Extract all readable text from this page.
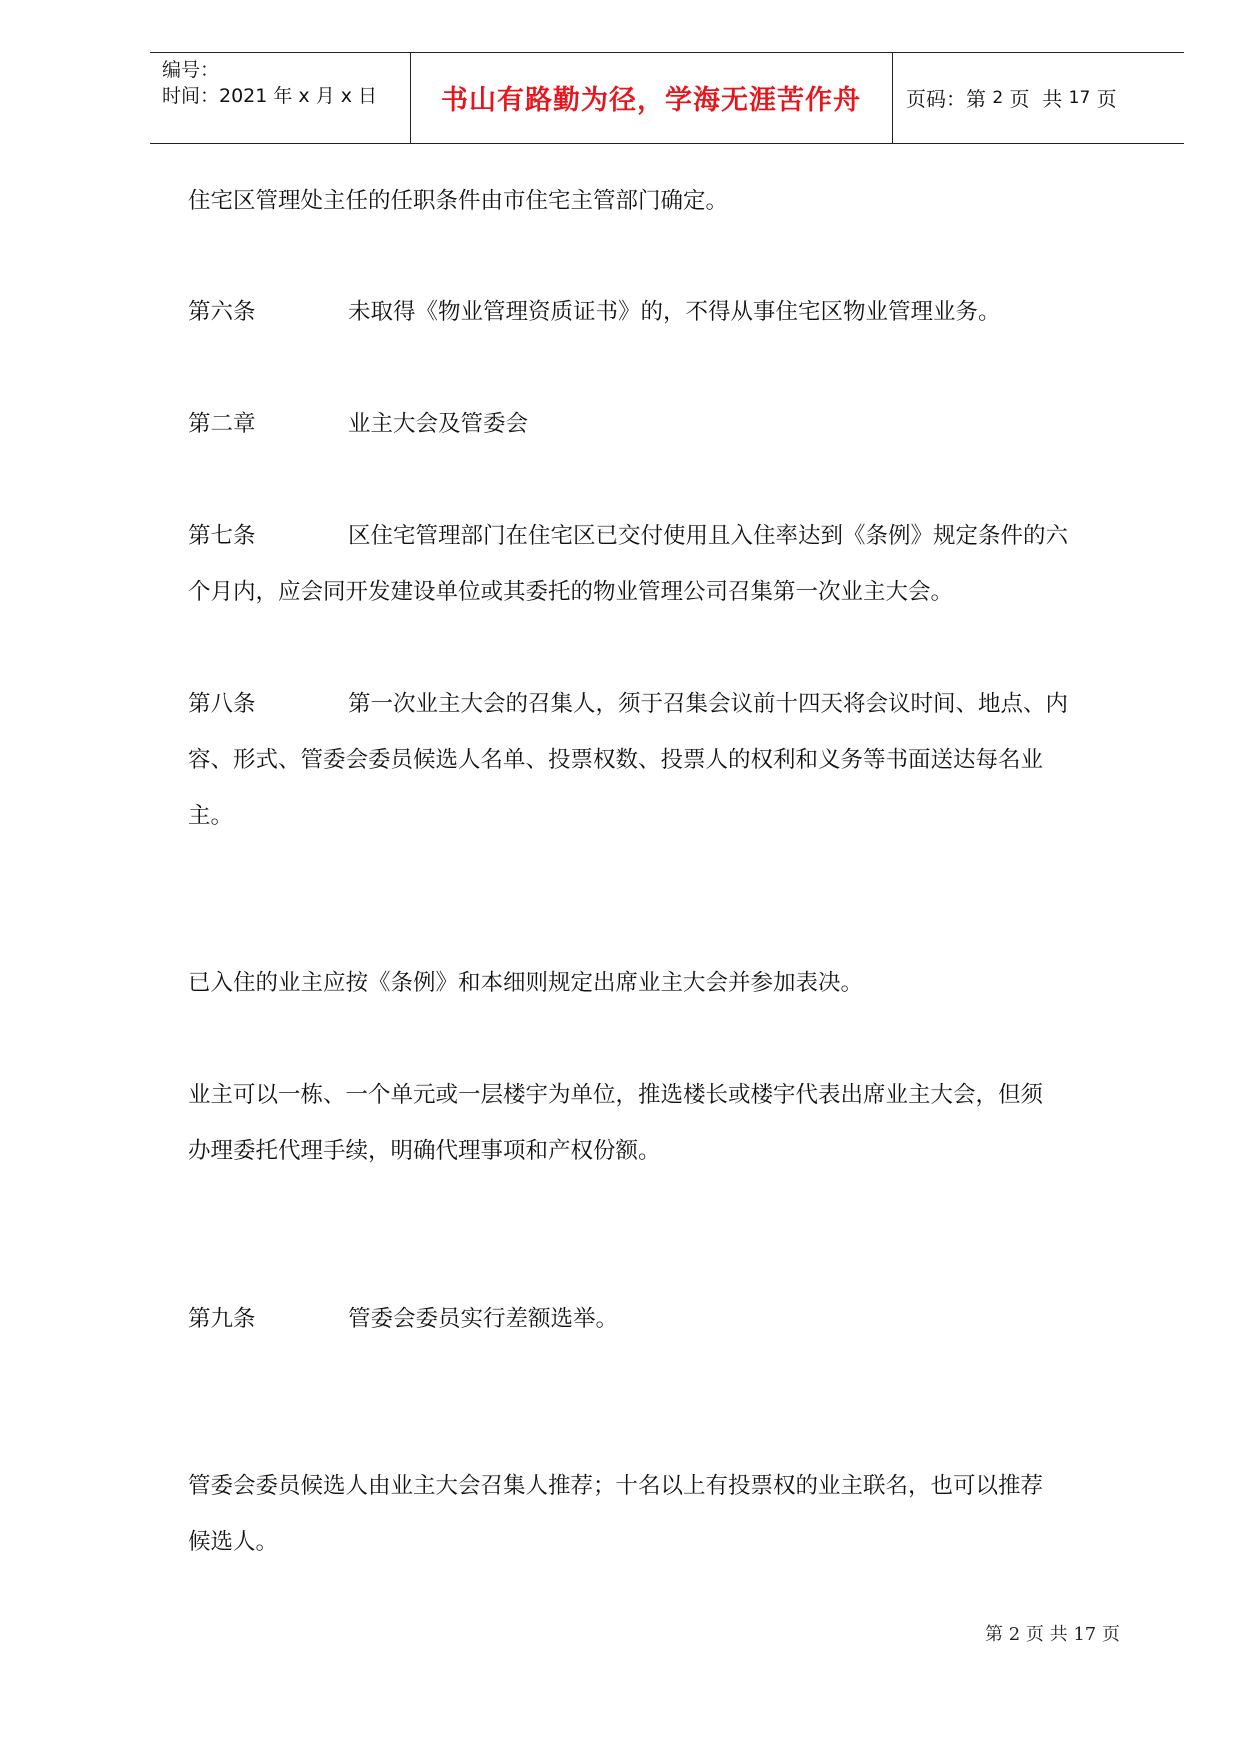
编号：
时间：2021 年 x 月 x 日	书山有路勤为径，学海无涯苦作舟	页码：第 2 页  共 17 页
住宅区管理处主任的任职条件由市住宅主管部门确定。
第六条	未取得《物业管理资质证书》的，不得从事住宅区物业管理业务。
第二章	业主大会及管委会
第七条	区住宅管理部门在住宅区已交付使用且入住率达到《条例》规定条件的六
个月内，应会同开发建设单位或其委托的物业管理公司召集第一次业主大会。
第八条	第一次业主大会的召集人，须于召集会议前十四天将会议时间、地点、内
容、形式、管委会委员候选人名单、投票权数、投票人的权利和义务等书面送达每名业
主。
已入住的业主应按《条例》和本细则规定出席业主大会并参加表决。
业主可以一栋、一个单元或一层楼宇为单位，推选楼长或楼宇代表出席业主大会，但须
办理委托代理手续，明确代理事项和产权份额。
第九条	管委会委员实行差额选举。
管委会委员候选人由业主大会召集人推荐；十名以上有投票权的业主联名，也可以推荐
候选人。
第 2 页 共 17 页
